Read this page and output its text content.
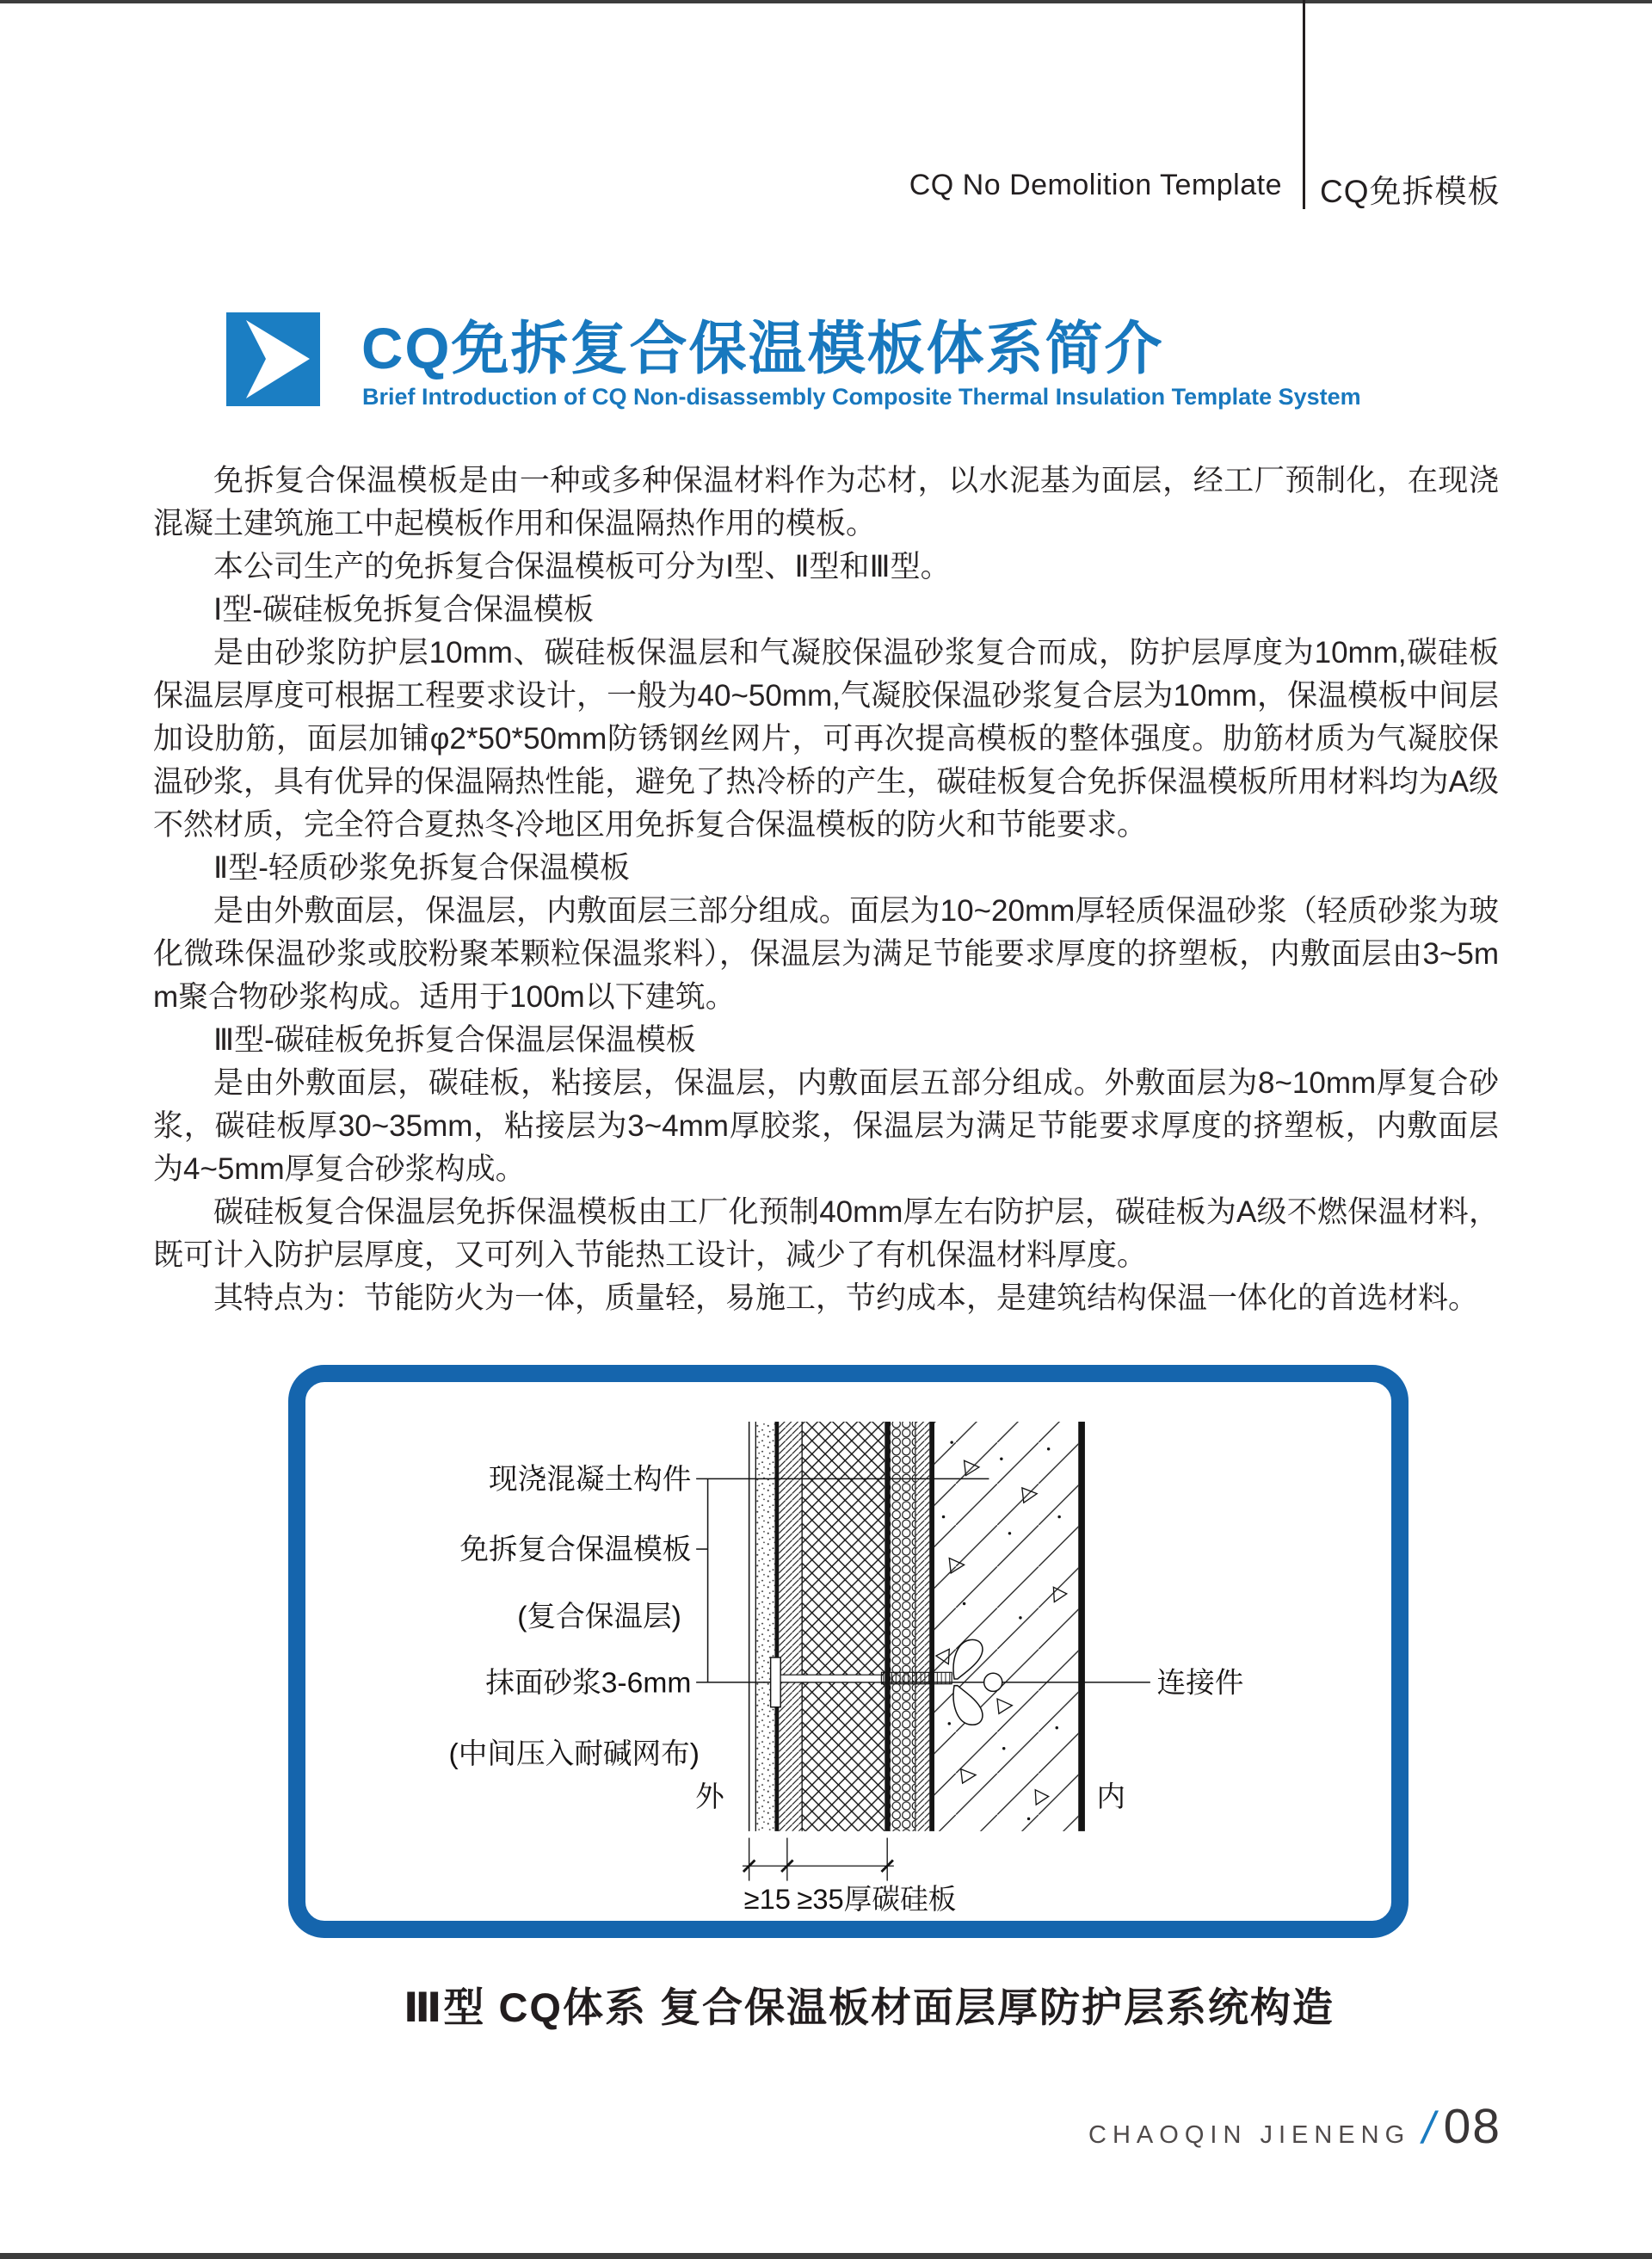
CQ No Demolition Template CQ免拆模板
CQ免拆复合保温模板体系简介
Brief Introduction of CQ Non-disassembly Composite Thermal Insulation Template System

免拆复合保温模板是由一种或多种保温材料作为芯材，以水泥基为面层，经工厂预制化，在现浇混凝土建筑施工中起模板作用和保温隔热作用的模板。

本公司生产的免拆复合保温模板可分为Ⅰ型、Ⅱ型和Ⅲ型。

Ⅰ型-碳硅板免拆复合保温模板

是由砂浆防护层10mm、碳硅板保温层和气凝胶保温砂浆复合而成，防护层厚度为10mm,碳硅板保温层厚度可根据工程要求设计，一般为40~50mm,气凝胶保温砂浆复合层为10mm，保温模板中间层加设肋筋，面层加铺φ2*50*50mm防锈钢丝网片，可再次提高模板的整体强度。肋筋材质为气凝胶保温砂浆，具有优异的保温隔热性能，避免了热冷桥的产生，碳硅板复合免拆保温模板所用材料均为A级不然材质，完全符合夏热冬冷地区用免拆复合保温模板的防火和节能要求。

Ⅱ型-轻质砂浆免拆复合保温模板

是由外敷面层，保温层，内敷面层三部分组成。面层为10~20mm厚轻质保温砂浆（轻质砂浆为玻化微珠保温砂浆或胶粉聚苯颗粒保温浆料），保温层为满足节能要求厚度的挤塑板，内敷面层由3~5mm聚合物砂浆构成。适用于100m以下建筑。

Ⅲ型-碳硅板免拆复合保温层保温模板

是由外敷面层，碳硅板，粘接层，保温层，内敷面层五部分组成。外敷面层为8~10mm厚复合砂浆，碳硅板厚30~35mm，粘接层为3~4mm厚胶浆，保温层为满足节能要求厚度的挤塑板，内敷面层为4~5mm厚复合砂浆构成。

碳硅板复合保温层免拆保温模板由工厂化预制40mm厚左右防护层，碳硅板为A级不燃保温材料，既可计入防护层厚度，又可列入节能热工设计，减少了有机保温材料厚度。

其特点为：节能防火为一体，质量轻，易施工，节约成本，是建筑结构保温一体化的首选材料。

现浇混凝土构件
免拆复合保温模板
(复合保温层)
抹面砂浆3-6mm
(中间压入耐碱网布)
连接件
外	内
≥15 ≥35厚碳硅板
Ⅲ型 CQ体系 复合保温板材面层厚防护层系统构造
CHAOQIN JIENENG / 08
